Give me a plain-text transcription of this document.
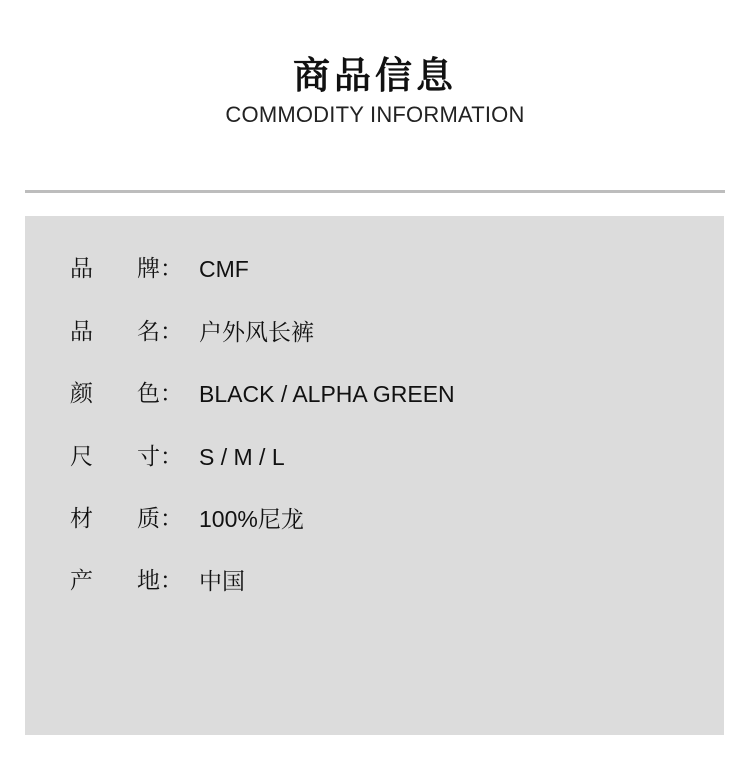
商品信息
COMMODITY INFORMATION
品 牌： CMF
品 名： 户外风长裤
颜 色： BLACK / ALPHA GREEN
尺 寸： S / M / L
材 质： 100%尼龙
产 地： 中国
